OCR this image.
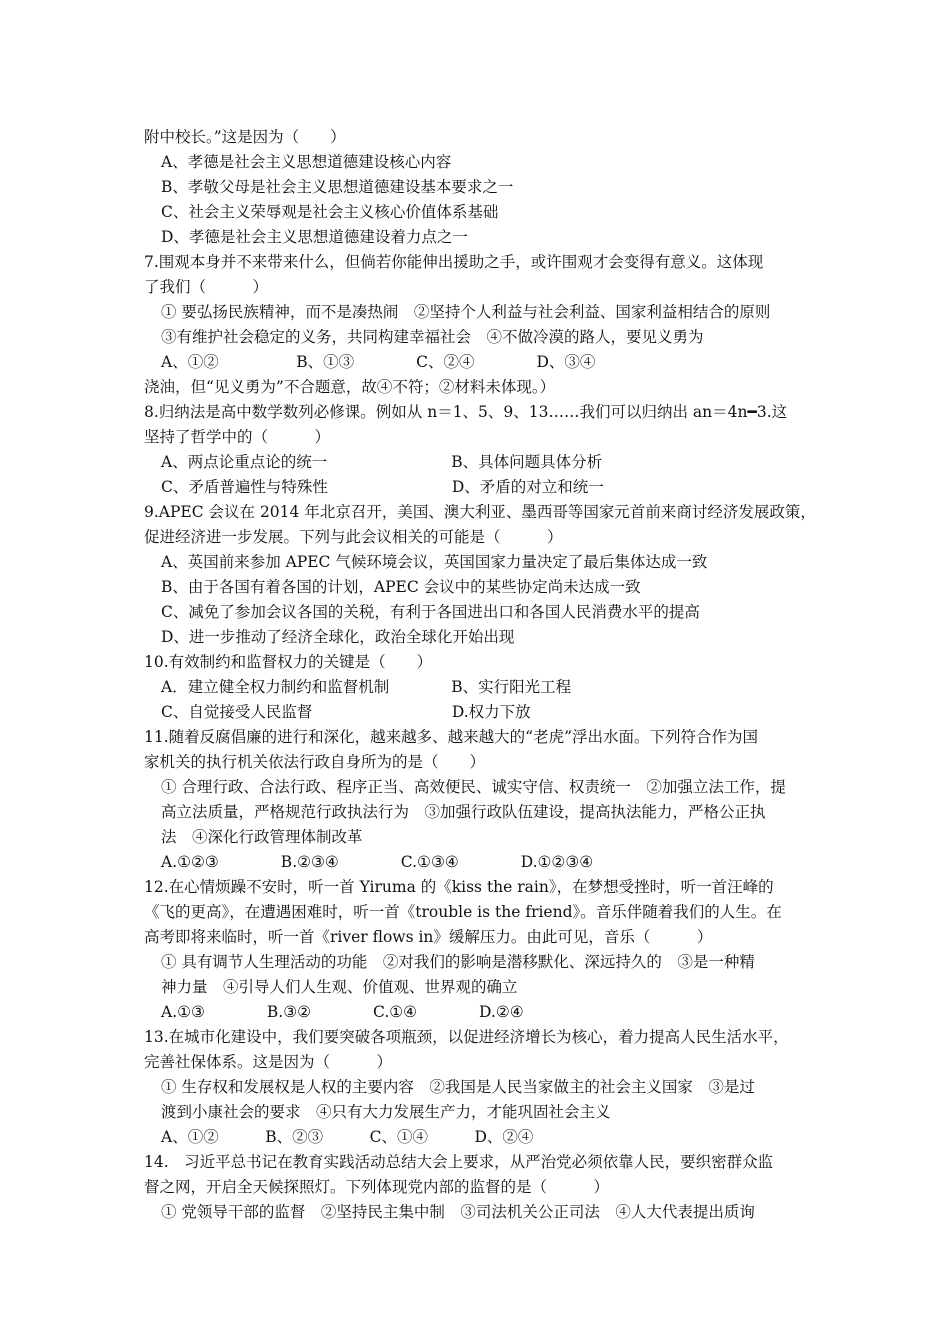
附中校长。”这是因为（　　）
A、孝德是社会主义思想道德建设核心内容
B、孝敬父母是社会主义思想道德建设基本要求之一
C、社会主义荣辱观是社会主义核心价值体系基础
D、孝德是社会主义思想道德建设着力点之一
7.围观本身并不来带来什么，但倘若你能伸出援助之手，或许围观才会变得有意义。这体现
了我们（　　　）
① 要弘扬民族精神，而不是凑热闹　②坚持个人利益与社会利益、国家利益相结合的原则
③有维护社会稳定的义务，共同构建幸福社会　④不做冷漠的路人，要见义勇为
A、①②　　　　　B、①③　　　　C、②④　　　　D、③④
浇油，但“见义勇为”不合题意，故④不符；②材料未体现。）
8.归纳法是高中数学数列必修课。例如从 n＝1、5、9、13……我们可以归纳出 an＝4n━3.这
坚持了哲学中的（　　　）
A、两点论重点论的统一　　　　　　　　B、具体问题具体分析
C、矛盾普遍性与特殊性　　　　　　　　D、矛盾的对立和统一
9.APEC 会议在 2014 年北京召开，美国、澳大利亚、墨西哥等国家元首前来商讨经济发展政策，
促进经济进一步发展。下列与此会议相关的可能是（　　　）
A、英国前来参加 APEC 气候环境会议，英国国家力量决定了最后集体达成一致
B、由于各国有着各国的计划，APEC 会议中的某些协定尚未达成一致
C、减免了参加会议各国的关税，有利于各国进出口和各国人民消费水平的提高
D、进一步推动了经济全球化，政治全球化开始出现
10.有效制约和监督权力的关键是（　　）
A．建立健全权力制约和监督机制　　　　B、实行阳光工程
C、自觉接受人民监督　　　　　　　　　D.权力下放
11.随着反腐倡廉的进行和深化，越来越多、越来越大的“老虎”浮出水面。下列符合作为国
家机关的执行机关依法行政自身所为的是（　　）
① 合理行政、合法行政、程序正当、高效便民、诚实守信、权责统一　②加强立法工作，提
高立法质量，严格规范行政执法行为　③加强行政队伍建设，提高执法能力，严格公正执
法　④深化行政管理体制改革
A.①②③　　　　B.②③④　　　　C.①③④　　　　D.①②③④
12.在心情烦躁不安时，听一首 Yiruma 的《kiss the rain》，在梦想受挫时，听一首汪峰的
《飞的更高》，在遭遇困难时，听一首《trouble is the friend》。音乐伴随着我们的人生。在
高考即将来临时，听一首《river flows in》缓解压力。由此可见，音乐（　　　）
① 具有调节人生理活动的功能　②对我们的影响是潜移默化、深远持久的　③是一种精
神力量　④引导人们人生观、价值观、世界观的确立
A.①③　　　　B.③②　　　　C.①④　　　　D.②④
13.在城市化建设中，我们要突破各项瓶颈，以促进经济增长为核心，着力提高人民生活水平，
完善社保体系。这是因为（　　　）
① 生存权和发展权是人权的主要内容　②我国是人民当家做主的社会主义国家　③是过
渡到小康社会的要求　④只有大力发展生产力，才能巩固社会主义
A、①②　　　B、②③　　　C、①④　　　D、②④
14.　习近平总书记在教育实践活动总结大会上要求，从严治党必须依靠人民，要织密群众监
督之网，开启全天候探照灯。下列体现党内部的监督的是（　　　）
① 党领导干部的监督　②坚持民主集中制　③司法机关公正司法　④人大代表提出质询
